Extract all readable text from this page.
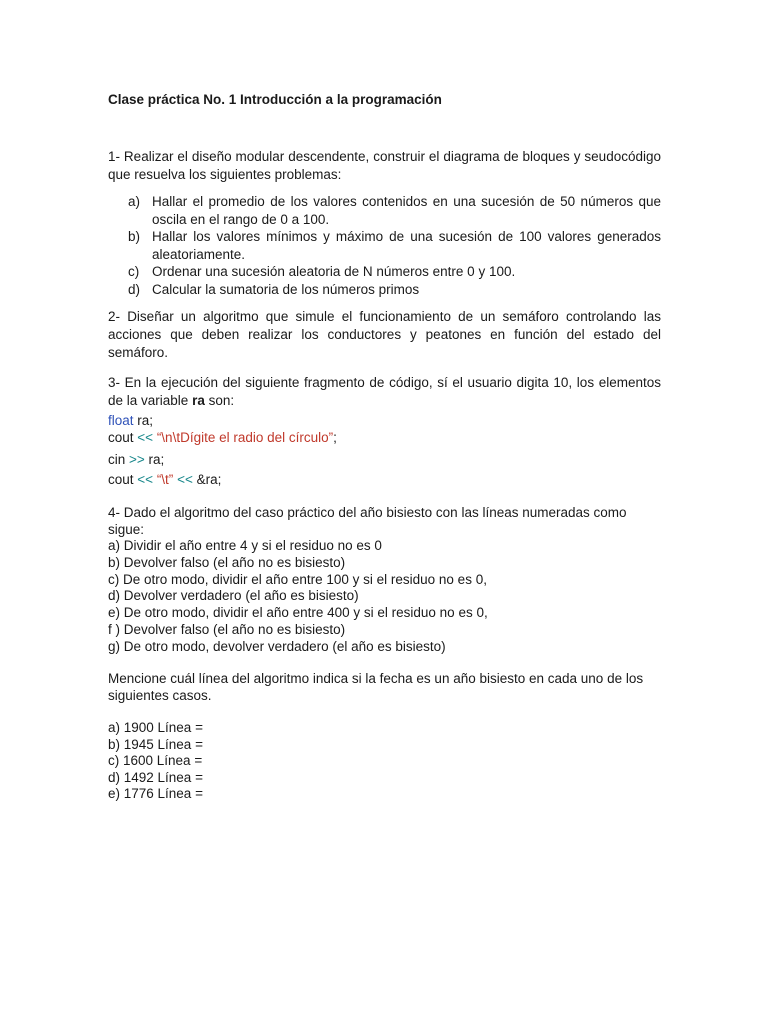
Clase práctica No. 1 Introducción a la programación
1- Realizar el diseño modular descendente, construir el diagrama de bloques y seudocódigo que resuelva los siguientes problemas:
a) Hallar el promedio de los valores contenidos en una sucesión de 50 números que oscila en el rango de 0 a 100.
b) Hallar los valores mínimos y máximo de una sucesión de 100 valores generados aleatoriamente.
c) Ordenar una sucesión aleatoria de N números entre 0 y 100.
d) Calcular la sumatoria de los números primos
2- Diseñar un algoritmo que simule el funcionamiento de un semáforo controlando las acciones que deben realizar los conductores y peatones en función del estado del semáforo.
3- En la ejecución del siguiente fragmento de código, sí el usuario digita 10, los elementos de la variable ra son:
float ra;
cout << “\n\tDígite el radio del círculo”;
cin >> ra;
cout << “\t” << &ra;
4- Dado el algoritmo del caso práctico del año bisiesto con las líneas numeradas como sigue:
a) Dividir el año entre 4 y si el residuo no es 0
b) Devolver falso (el año no es bisiesto)
c) De otro modo, dividir el año entre 100 y si el residuo no es 0,
d) Devolver verdadero (el año es bisiesto)
e) De otro modo, dividir el año entre 400 y si el residuo no es 0,
f ) Devolver falso (el año no es bisiesto)
g) De otro modo, devolver verdadero (el año es bisiesto)
Mencione cuál línea del algoritmo indica si la fecha es un año bisiesto en cada uno de los siguientes casos.
a) 1900 Línea =
b) 1945 Línea =
c) 1600 Línea =
d) 1492 Línea =
e) 1776 Línea =
